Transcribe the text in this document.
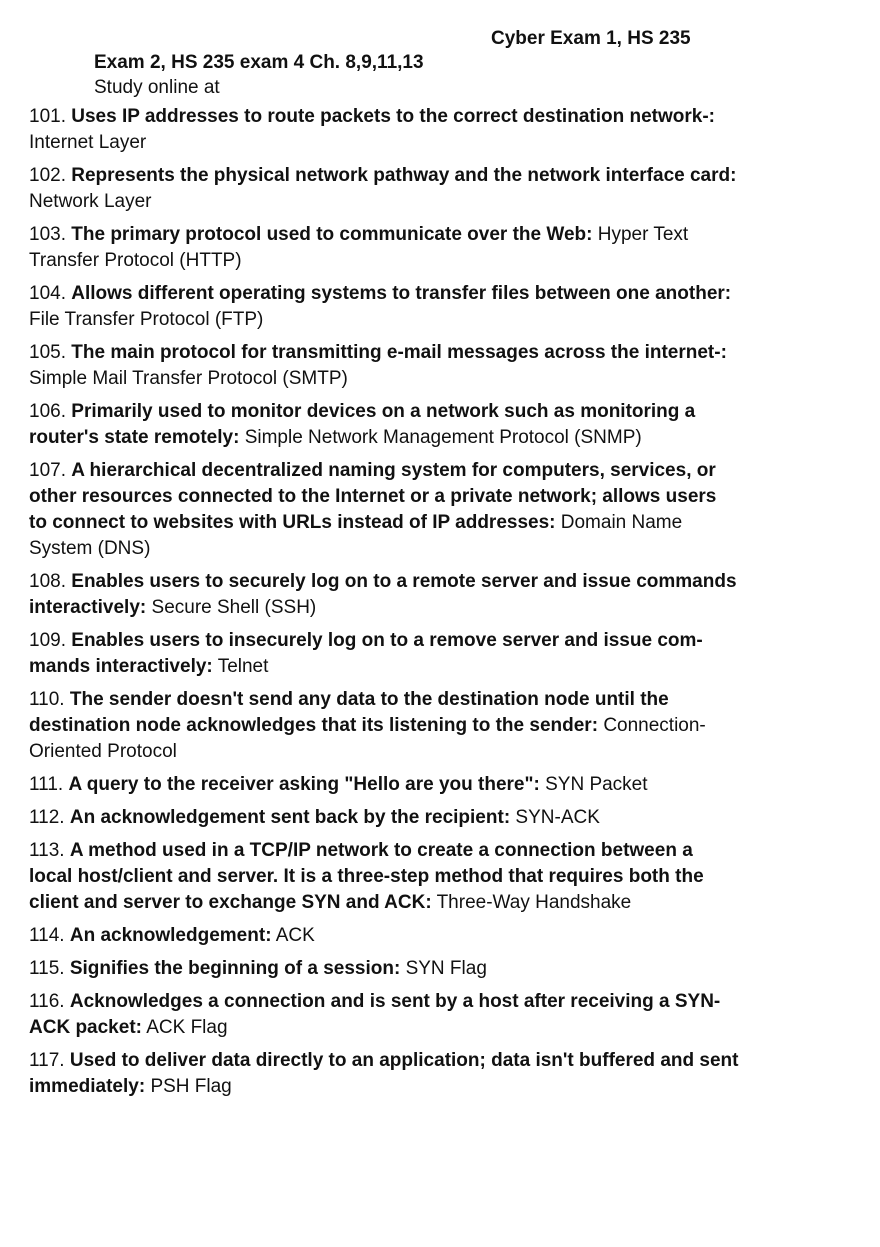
Cyber Exam 1, HS 235
Exam 2, HS 235 exam 4 Ch. 8,9,11,13
Study online at
101. Uses IP addresses to route packets to the correct destination network-: Internet Layer
102. Represents the physical network pathway and the network interface card: Network Layer
103. The primary protocol used to communicate over the Web: Hyper Text Transfer Protocol (HTTP)
104. Allows different operating systems to transfer files between one another: File Transfer Protocol (FTP)
105. The main protocol for transmitting e-mail messages across the internet-: Simple Mail Transfer Protocol (SMTP)
106. Primarily used to monitor devices on a network such as monitoring a router's state remotely: Simple Network Management Protocol (SNMP)
107. A hierarchical decentralized naming system for computers, services, or other resources connected to the Internet or a private network; allows users to connect to websites with URLs instead of IP addresses: Domain Name System (DNS)
108. Enables users to securely log on to a remote server and issue commands interactively: Secure Shell (SSH)
109. Enables users to insecurely log on to a remove server and issue commands interactively: Telnet
110. The sender doesn't send any data to the destination node until the destination node acknowledges that its listening to the sender: Connection-Oriented Protocol
111. A query to the receiver asking "Hello are you there": SYN Packet
112. An acknowledgement sent back by the recipient: SYN-ACK
113. A method used in a TCP/IP network to create a connection between a local host/client and server. It is a three-step method that requires both the client and server to exchange SYN and ACK: Three-Way Handshake
114. An acknowledgement: ACK
115. Signifies the beginning of a session: SYN Flag
116. Acknowledges a connection and is sent by a host after receiving a SYN-ACK packet: ACK Flag
117. Used to deliver data directly to an application; data isn't buffered and sent immediately: PSH Flag
